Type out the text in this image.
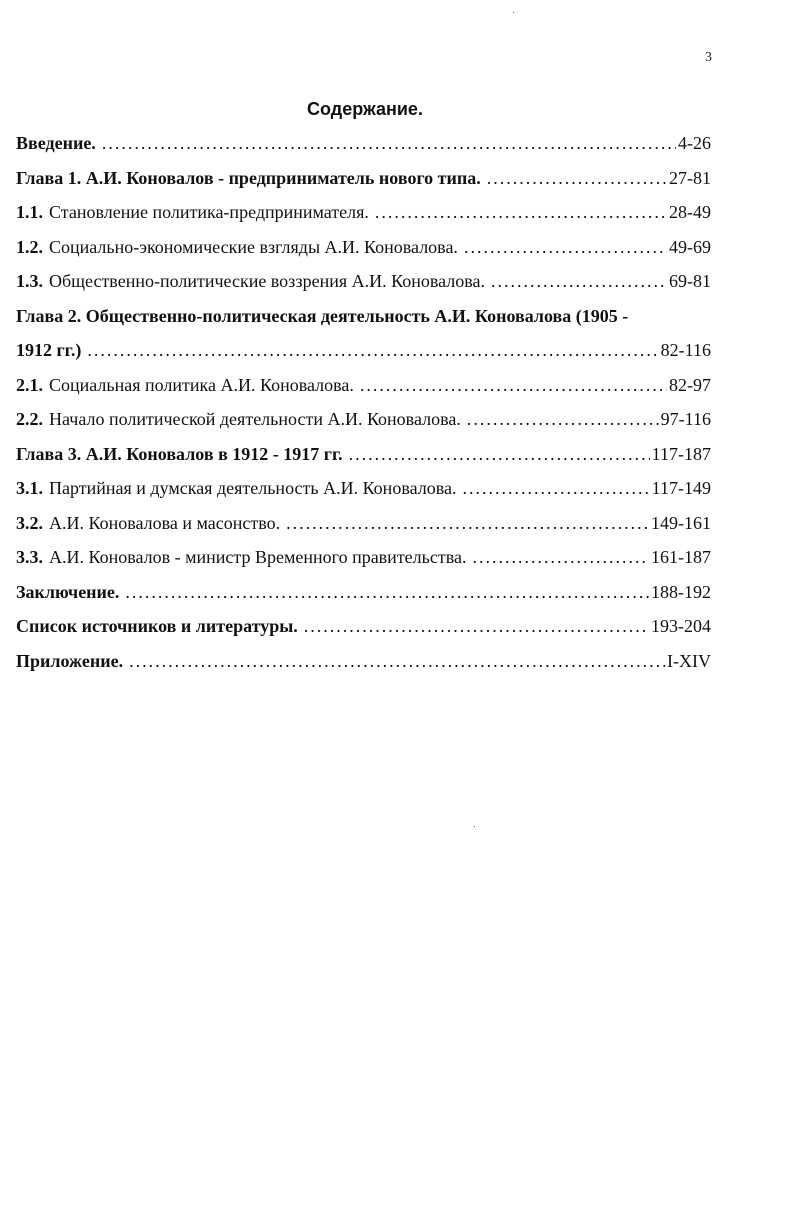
3
Содержание.
Введение. .....	4-26
Глава 1. А.И. Коновалов - предприниматель нового типа. .....	27-81
1.1. Становление политика-предпринимателя. .....	28-49
1.2. Социально-экономические взгляды А.И. Коновалова. .....	49-69
1.3. Общественно-политические воззрения А.И. Коновалова. .....	69-81
Глава 2. Общественно-политическая деятельность А.И. Коновалова (1905 -
1912 гг.) .....	82-116
2.1. Социальная политика А.И. Коновалова. .....	82-97
2.2. Начало политической деятельности А.И. Коновалова. .....	97-116
Глава 3. А.И. Коновалов в 1912 - 1917 гг. .....	117-187
3.1. Партийная и думская деятельность А.И. Коновалова. .....	117-149
3.2. А.И. Коновалова и масонство. .....	149-161
3.3. А.И. Коновалов - министр Временного правительства. .....	161-187
Заключение. .....	188-192
Список источников и литературы. .....	193-204
Приложение. .....	I-XIV
